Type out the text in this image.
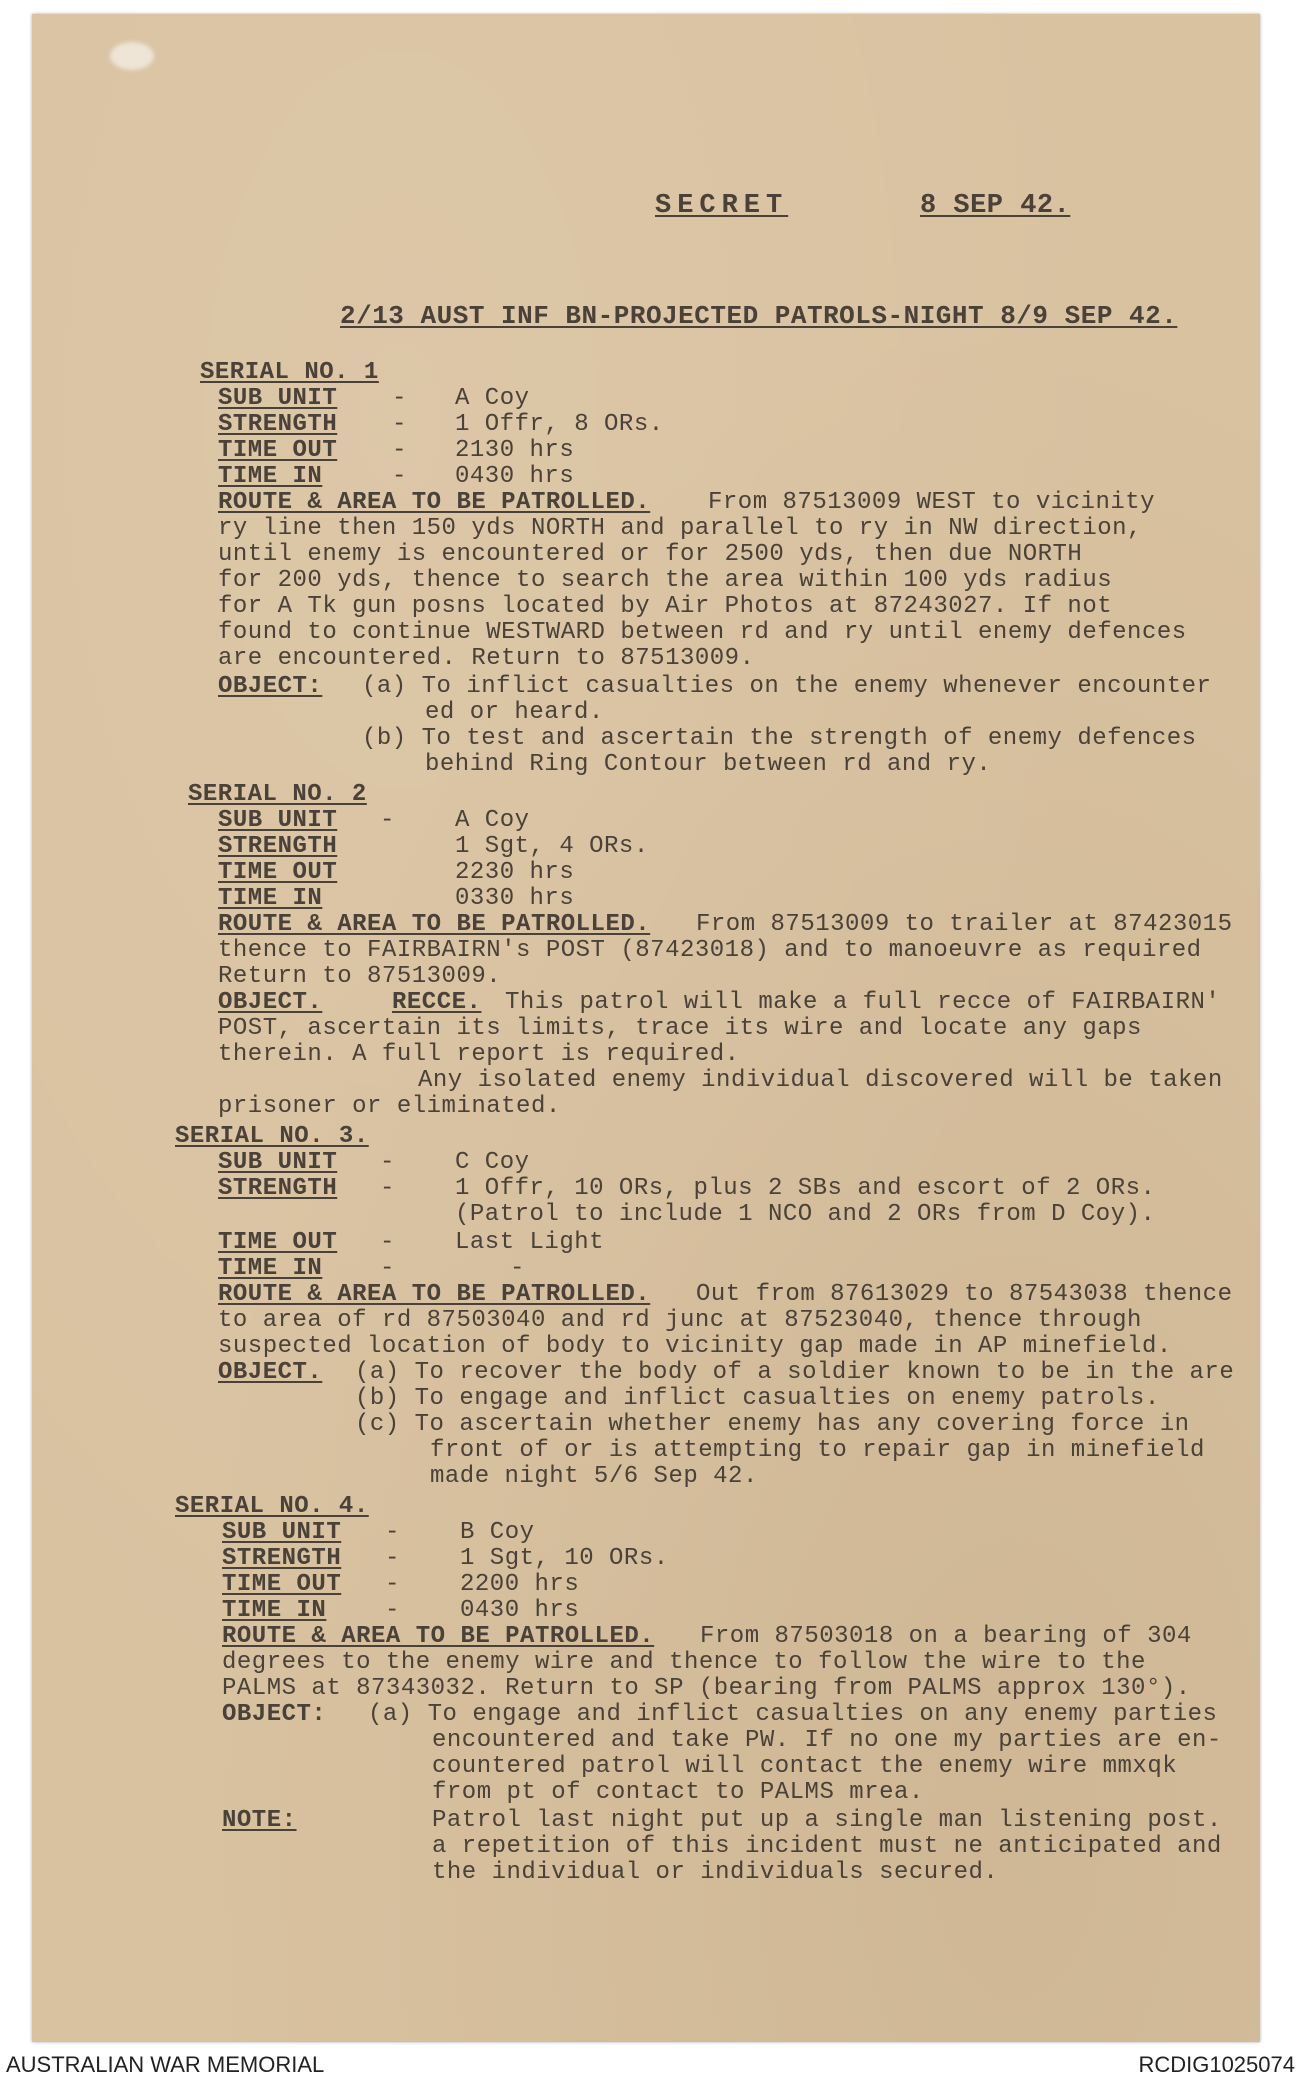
SECRET	8 SEP 42.
2/13 AUST INF BN-PROJECTED PATROLS-NIGHT 8/9 SEP 42.
SERIAL NO. 1
SUB UNIT - A Coy
STRENGTH - 1 Offr, 8 ORs.
TIME OUT - 2130 hrs
TIME IN	- 0430 hrs
ROUTE & AREA TO BE PATROLLED. From 87513009 WEST to vicinity
ry line then 150 yds NORTH and parallel to ry in NW direction,
until enemy is encountered or for 2500 yds, then due NORTH
for 200 yds, thence to search the area within 100 yds radius
for A Tk gun posns located by Air Photos at 87243027. If not
found to continue WESTWARD between rd and ry until enemy defences
are encountered. Return to 87513009.
OBJECT: (a) To inflict casualties on the enemy whenever encounter
ed or heard.
(b) To test and ascertain the strength of enemy defences
behind Ring Contour between rd and ry.
SERIAL NO. 2
SUB UNIT -	A Coy
STRENGTH	1 Sgt, 4 ORs.
TIME OUT	2230 hrs
TIME IN	0330 hrs
ROUTE & AREA TO BE PATROLLED. From 87513009 to trailer at 87423015
thence to FAIRBAIRN's POST (87423018) and to manoeuvre as required
Return to 87513009.
OBJECT.	RECCE. This patrol will make a full recce of FAIRBAIRN'
POST, ascertain its limits, trace its wire and locate any gaps
therein. A full report is required.
Any isolated enemy individual discovered will be taken
prisoner or eliminated.
SERIAL NO. 3.
SUB UNIT -	C Coy
STRENGTH -	1 Offr, 10 ORs, plus 2 SBs and escort of 2 ORs.
(Patrol to include 1 NCO and 2 ORs from D Coy).
TIME OUT -	Last Light
TIME IN -	-
ROUTE & AREA TO BE PATROLLED. Out from 87613029 to 87543038 thence
to area of rd 87503040 and rd junc at 87523040, thence through
suspected location of body to vicinity gap made in AP minefield.
OBJECT. (a) To recover the body of a soldier known to be in the are
(b) To engage and inflict casualties on enemy patrols.
(c) To ascertain whether enemy has any covering force in
front of or is attempting to repair gap in minefield
made night 5/6 Sep 42.
SERIAL NO. 4.
SUB UNIT -	B Coy
STRENGTH -	1 Sgt, 10 ORs.
TIME OUT -	2200 hrs
TIME IN -	0430 hrs
ROUTE & AREA TO BE PATROLLED. From 87503018 on a bearing of 304
degrees to the enemy wire and thence to follow the wire to the
PALMS at 87343032. Return to SP (bearing from PALMS approx 130°).
OBJECT: (a) To engage and inflict casualties on any enemy parties
encountered and take PW. If no one my parties are en-
countered patrol will contact the enemy wire mmxqk
from pt of contact to PALMS mrea.
NOTE:	Patrol last night put up a single man listening post.
a repetition of this incident must ne anticipated and
the individual or individuals secured.
AUSTRALIAN WAR MEMORIAL	RCDIG1025074
